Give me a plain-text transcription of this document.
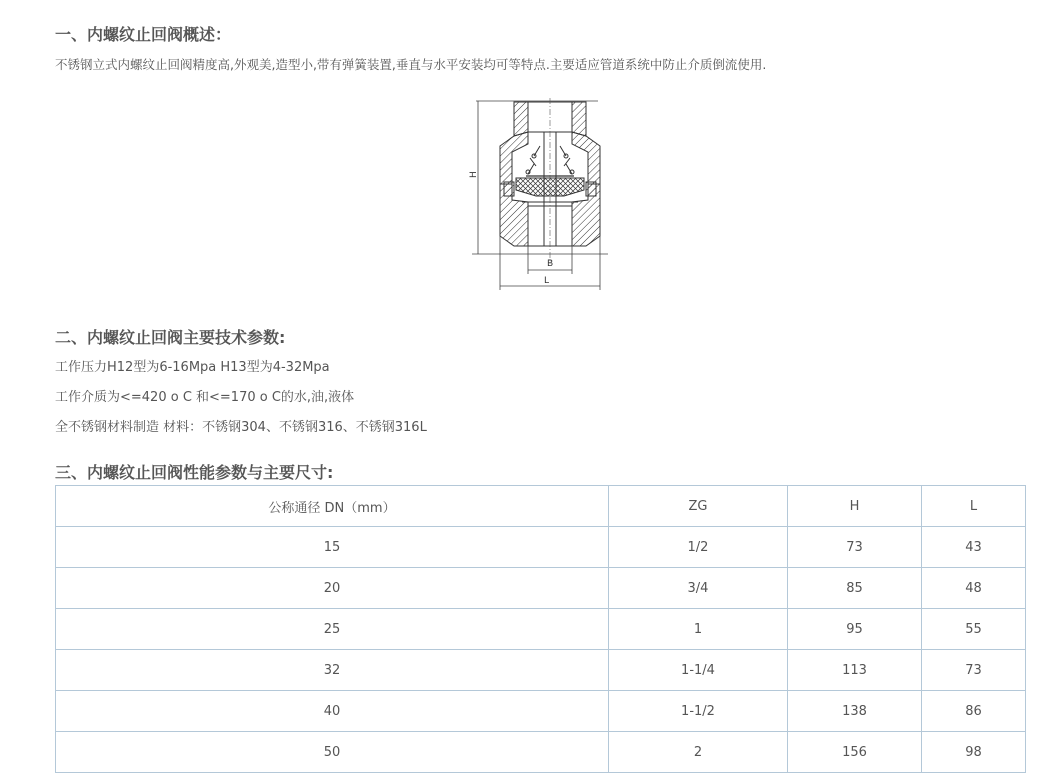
一、内螺纹止回阀概述：
不锈钢立式内螺纹止回阀精度高,外观美,造型小,带有弹簧装置,垂直与水平安装均可等特点.主要适应管道系统中防止介质倒流使用.
H
B
L
二、内螺纹止回阀主要技术参数:
工作压力H12型为6-16Mpa H13型为4-32Mpa
工作介质为<=420 o C 和<=170 o C的水,油,液体
全不锈钢材料制造 材料：不锈钢304、不锈钢316、不锈钢316L
三、内螺纹止回阀性能参数与主要尺寸:
公称通径 DN（mm）	ZG	H	L
15	1/2	73	43
20	3/4	85	48
25	1	95	55
32	1-1/4	113	73
40	1-1/2	138	86
50	2	156	98
